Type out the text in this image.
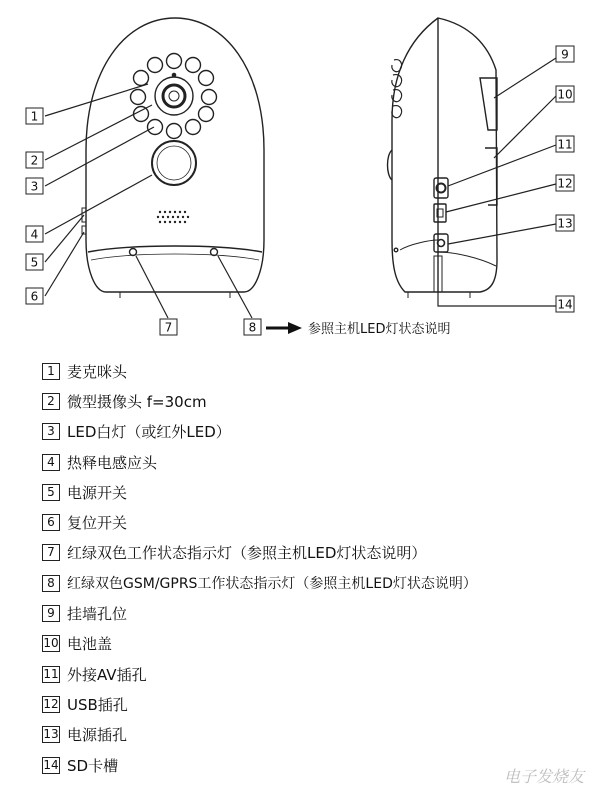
1
2
3
4
5
6
7	8
9
10
11
12
13
14
参照主机LED灯状态说明
1 麦克咪头
2 微型摄像头 f=30cm
3 LED白灯（或红外LED）
4 热释电感应头
5 电源开关
6 复位开关
7 红绿双色工作状态指示灯（参照主机LED灯状态说明）
8 红绿双色GSM/GPRS工作状态指示灯（参照主机LED灯状态说明）
9 挂墙孔位
10 电池盖
11 外接AV插孔
12 USB插孔
13 电源插孔
14 SD卡槽
电子发烧友
